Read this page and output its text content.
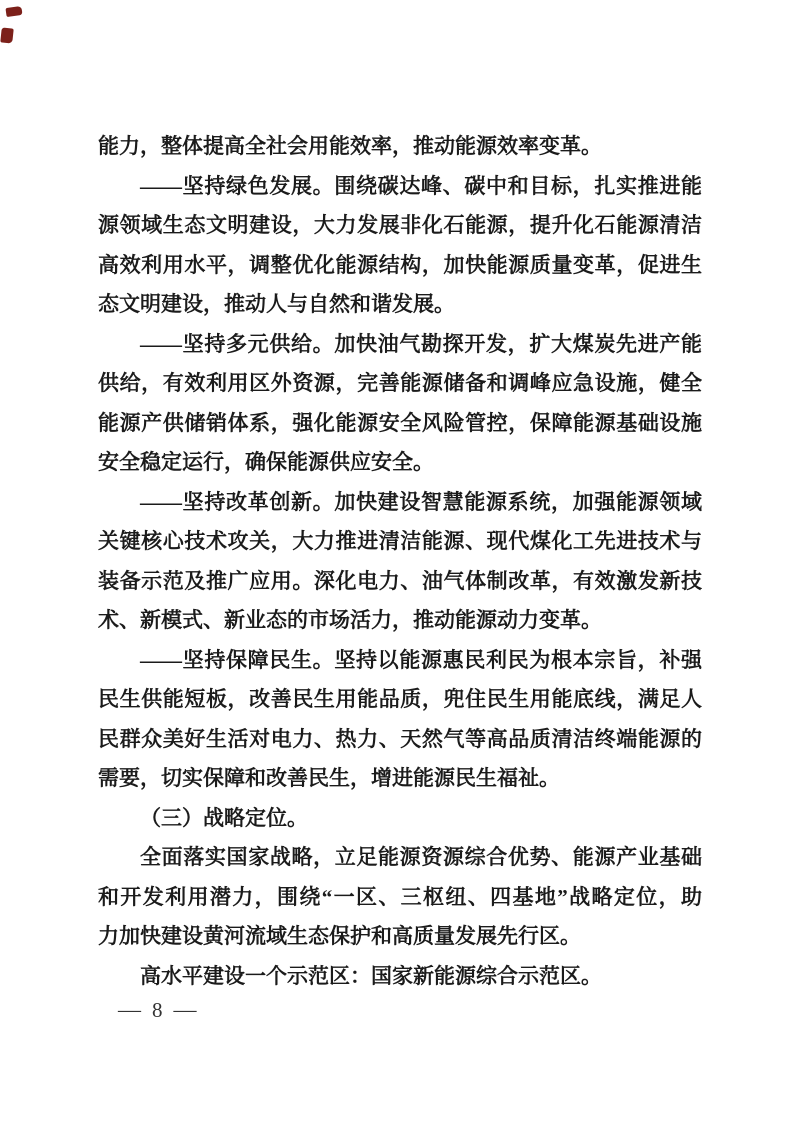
能力，整体提高全社会用能效率，推动能源效率变革。
——坚持绿色发展。围绕碳达峰、碳中和目标，扎实推进能
源领域生态文明建设，大力发展非化石能源，提升化石能源清洁
高效利用水平，调整优化能源结构，加快能源质量变革，促进生
态文明建设，推动人与自然和谐发展。
——坚持多元供给。加快油气勘探开发，扩大煤炭先进产能
供给，有效利用区外资源，完善能源储备和调峰应急设施，健全
能源产供储销体系，强化能源安全风险管控，保障能源基础设施
安全稳定运行，确保能源供应安全。
——坚持改革创新。加快建设智慧能源系统，加强能源领域
关键核心技术攻关，大力推进清洁能源、现代煤化工先进技术与
装备示范及推广应用。深化电力、油气体制改革，有效激发新技
术、新模式、新业态的市场活力，推动能源动力变革。
——坚持保障民生。坚持以能源惠民利民为根本宗旨，补强
民生供能短板，改善民生用能品质，兜住民生用能底线，满足人
民群众美好生活对电力、热力、天然气等高品质清洁终端能源的
需要，切实保障和改善民生，增进能源民生福祉。
（三）战略定位。
全面落实国家战略，立足能源资源综合优势、能源产业基础
和开发利用潜力，围绕“一区、三枢纽、四基地”战略定位，助
力加快建设黄河流域生态保护和高质量发展先行区。
高水平建设一个示范区：国家新能源综合示范区。
— 8 —
